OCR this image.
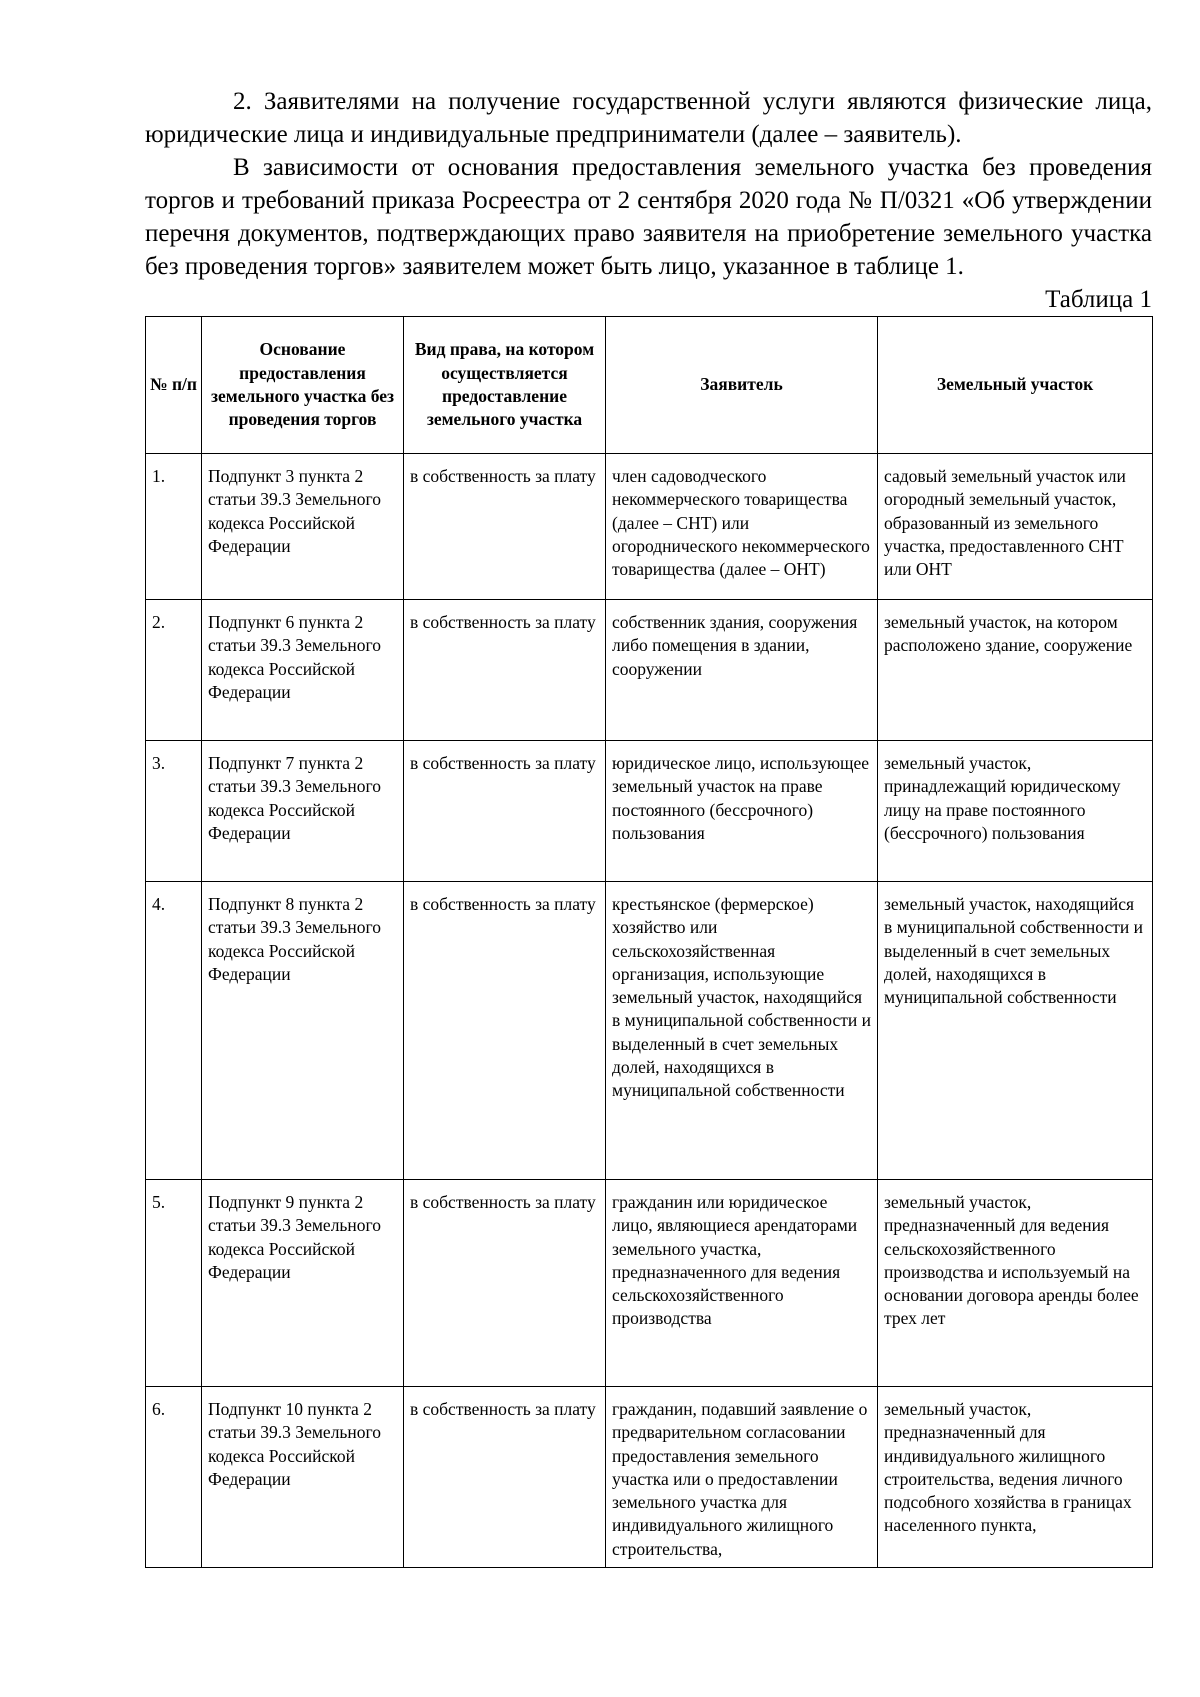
2. Заявителями на получение государственной услуги являются физические лица, юридические лица и индивидуальные предприниматели (далее – заявитель).

В зависимости от основания предоставления земельного участка без проведения торгов и требований приказа Росреестра от 2 сентября 2020 года № П/0321 «Об утверждении перечня документов, подтверждающих право заявителя на приобретение земельного участка без проведения торгов» заявителем может быть лицо, указанное в таблице 1.

Таблица 1

№ п/п	Основание предоставления земельного участка без проведения торгов	Вид права, на котором осуществляется предоставление земельного участка	Заявитель	Земельный участок
1.	Подпункт 3 пункта 2 статьи 39.3 Земельного кодекса Российской Федерации	в собственность за плату	член садоводческого некоммерческого товарищества (далее – СНТ) или огороднического некоммерческого товарищества (далее – ОНТ)	садовый земельный участок или огородный земельный участок, образованный из земельного участка, предоставленного СНТ или ОНТ
2.	Подпункт 6 пункта 2 статьи 39.3 Земельного кодекса Российской Федерации	в собственность за плату	собственник здания, сооружения либо помещения в здании, сооружении	земельный участок, на котором расположено здание, сооружение
3.	Подпункт 7 пункта 2 статьи 39.3 Земельного кодекса Российской Федерации	в собственность за плату	юридическое лицо, использующее земельный участок на праве постоянного (бессрочного) пользования	земельный участок, принадлежащий юридическому лицу на праве постоянного (бессрочного) пользования
4.	Подпункт 8 пункта 2 статьи 39.3 Земельного кодекса Российской Федерации	в собственность за плату	крестьянское (фермерское) хозяйство или сельскохозяйственная организация, использующие земельный участок, находящийся в муниципальной собственности и выделенный в счет земельных долей, находящихся в муниципальной собственности	земельный участок, находящийся в муниципальной собственности и выделенный в счет земельных долей, находящихся в муниципальной собственности
5.	Подпункт 9 пункта 2 статьи 39.3 Земельного кодекса Российской Федерации	в собственность за плату	гражданин или юридическое лицо, являющиеся арендаторами земельного участка, предназначенного для ведения сельскохозяйственного производства	земельный участок, предназначенный для ведения сельскохозяйственного производства и используемый на основании договора аренды более трех лет
6.	Подпункт 10 пункта 2 статьи 39.3 Земельного кодекса Российской Федерации	в собственность за плату	гражданин, подавший заявление о предварительном согласовании предоставления земельного участка или о предоставлении земельного участка для индивидуального жилищного строительства,	земельный участок, предназначенный для индивидуального жилищного строительства, ведения личного подсобного хозяйства в границах населенного пункта,
